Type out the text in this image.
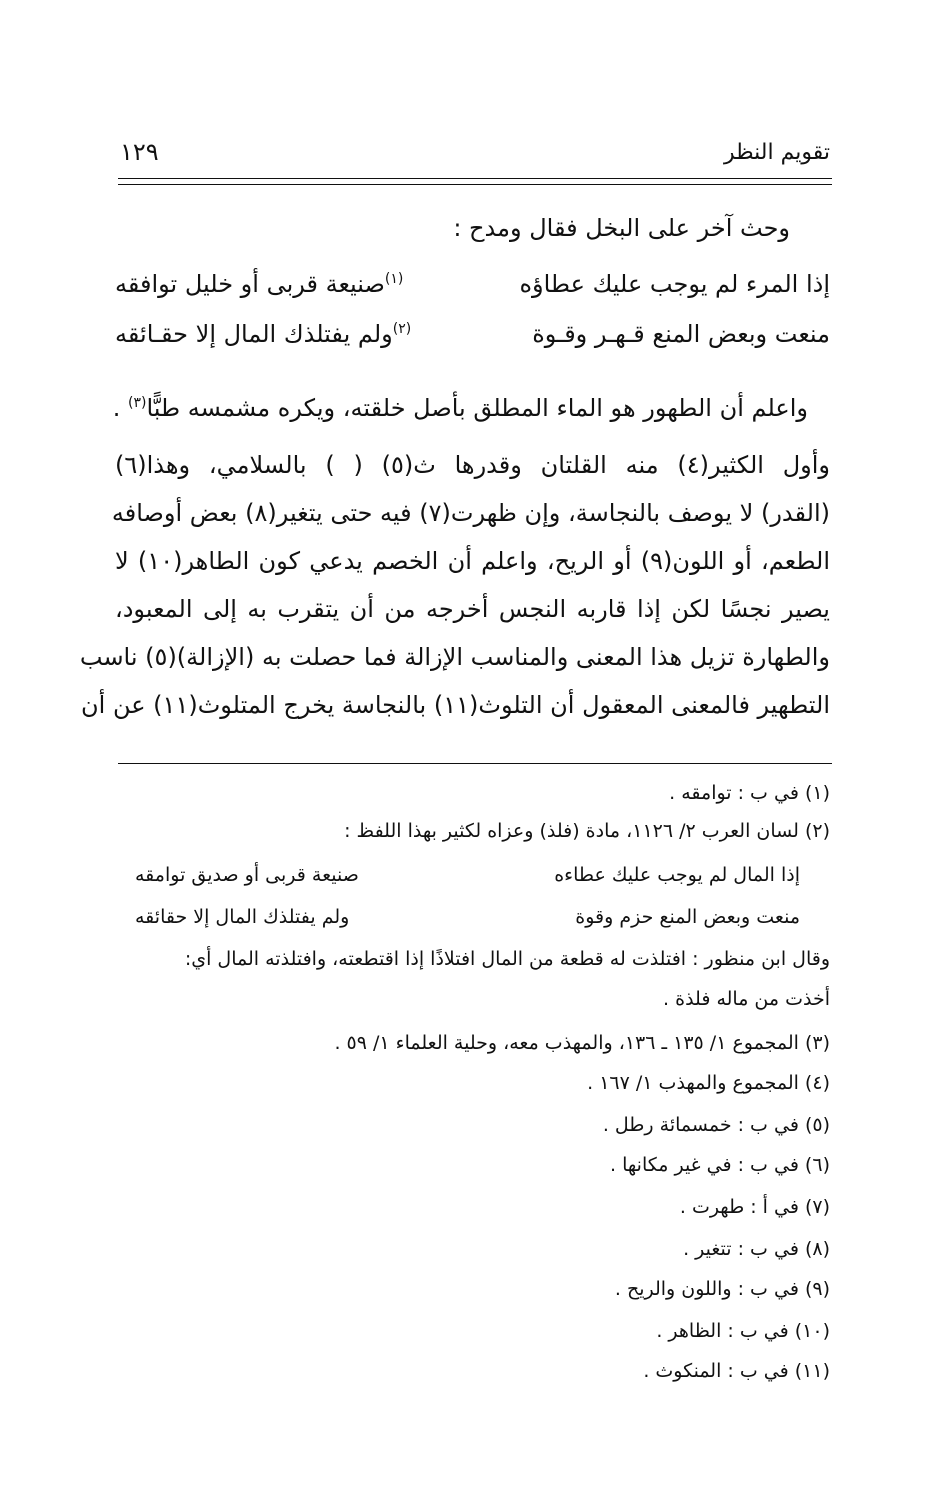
تقويم النظر
١٢٩
وحث آخر على البخل فقال ومدح :
إذا المرء لم يوجب عليك عطاؤه
$^{(١)}$صنيعة قربى أو خليل توافقه
منعت وبعض المنع قـهـر وقـوة
$^{(٢)}$ولم يفتلذك المال إلا حقـائقه
واعلم أن الطهور هو الماء المطلق بأصل خلقته، ويكره مشمسه طبًّا$^{(٣)}$ .
وأول الكثير(٤) منه القلتان وقدرها ث(٥) ( ) بالسلامي، وهذا(٦)
(القدر) لا يوصف بالنجاسة، وإن ظهرت(٧) فيه حتى يتغير(٨) بعض أوصافه
الطعم، أو اللون(٩) أو الريح، واعلم أن الخصم يدعي كون الطاهر(١٠) لا
يصير نجسًا لكن إذا قاربه النجس أخرجه من أن يتقرب به إلى المعبود،
والطهارة تزيل هذا المعنى والمناسب الإزالة فما حصلت به (الإزالة)(٥) ناسب
التطهير فالمعنى المعقول أن التلوث(١١) بالنجاسة يخرج المتلوث(١١) عن أن
(١) في ب : توامقه .
(٢) لسان العرب ٢/ ١١٢٦، مادة (فلذ) وعزاه لكثير بهذا اللفظ :
إذا المال لم يوجب عليك عطاءه
صنيعة قربى أو صديق توامقه
منعت وبعض المنع حزم وقوة
ولم يفتلذك المال إلا حقائقه
وقال ابن منظور : افتلذت له قطعة من المال افتلاذًا إذا اقتطعته، وافتلذته المال أي:
أخذت من ماله فلذة .
(٣) المجموع ١/ ١٣٥ ـ ١٣٦، والمهذب معه، وحلية العلماء ١/ ٥٩ .
(٤) المجموع والمهذب ١/ ١٦٧ .
(٥) في ب : خمسمائة رطل .
(٦) في ب : في غير مكانها .
(٧) في أ : طهرت .
(٨) في ب : تتغير .
(٩) في ب : واللون والريح .
(١٠) في ب : الظاهر .
(١١) في ب : المنكوث .
